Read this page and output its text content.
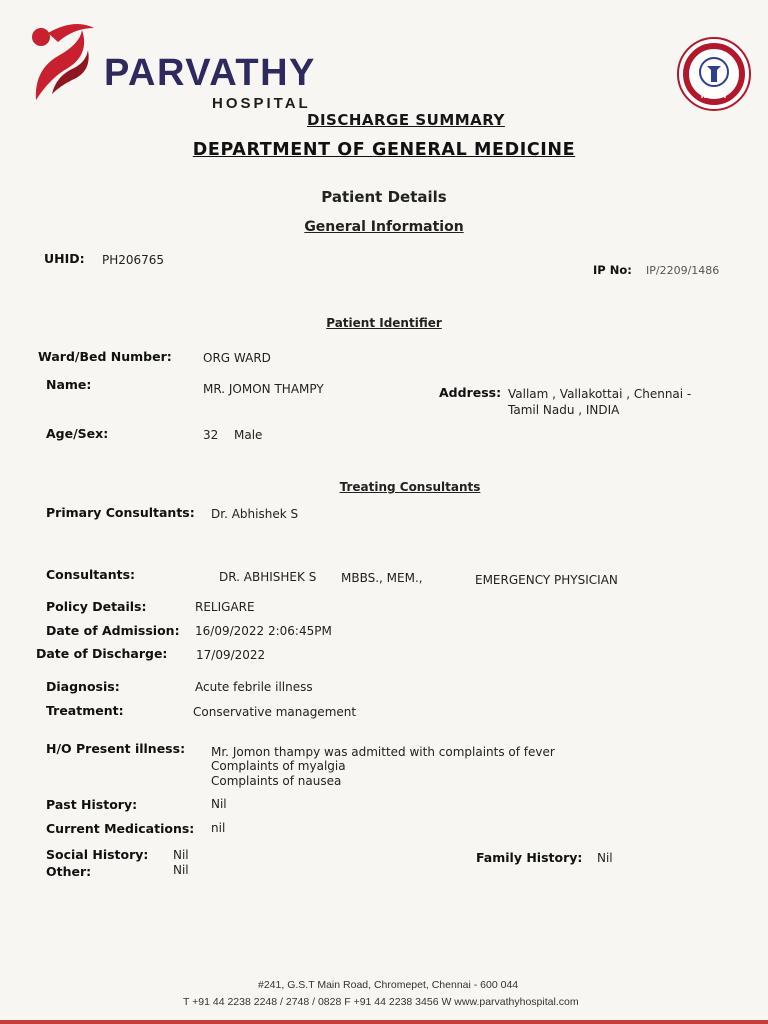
PARVATHY
HOSPITAL
DISCHARGE SUMMARY
NABH
DEPARTMENT OF GENERAL MEDICINE
Patient Details
General Information
UHID: PH206765
IP No: IP/2209/1486
Patient Identifier
Ward/Bed Number:	ORG WARD
Name:	MR. JOMON THAMPY	Address: Vallam , Vallakottai , Chennai -
Tamil Nadu , INDIA
Age/Sex:	32 Male
Treating Consultants
Primary Consultants: Dr. Abhishek S
Consultants:	DR. ABHISHEK S MBBS., MEM.,	EMERGENCY PHYSICIAN
Policy Details:	RELIGARE
Date of Admission: 16/09/2022 2:06:45PM
Date of Discharge: 17/09/2022
Diagnosis:	Acute febrile illness
Treatment:	Conservative management
H/O Present illness: Mr. Jomon thampy was admitted with complaints of fever
Complaints of myalgia
Complaints of nausea
Past History:	Nil
Current Medications: nil
Social History: Nil
Other:	Nil
Family History: Nil
#241, G.S.T Main Road, Chromepet, Chennai - 600 044
T +91 44 2238 2248 / 2748 / 0828 F +91 44 2238 3456 W www.parvathyhospital.com
